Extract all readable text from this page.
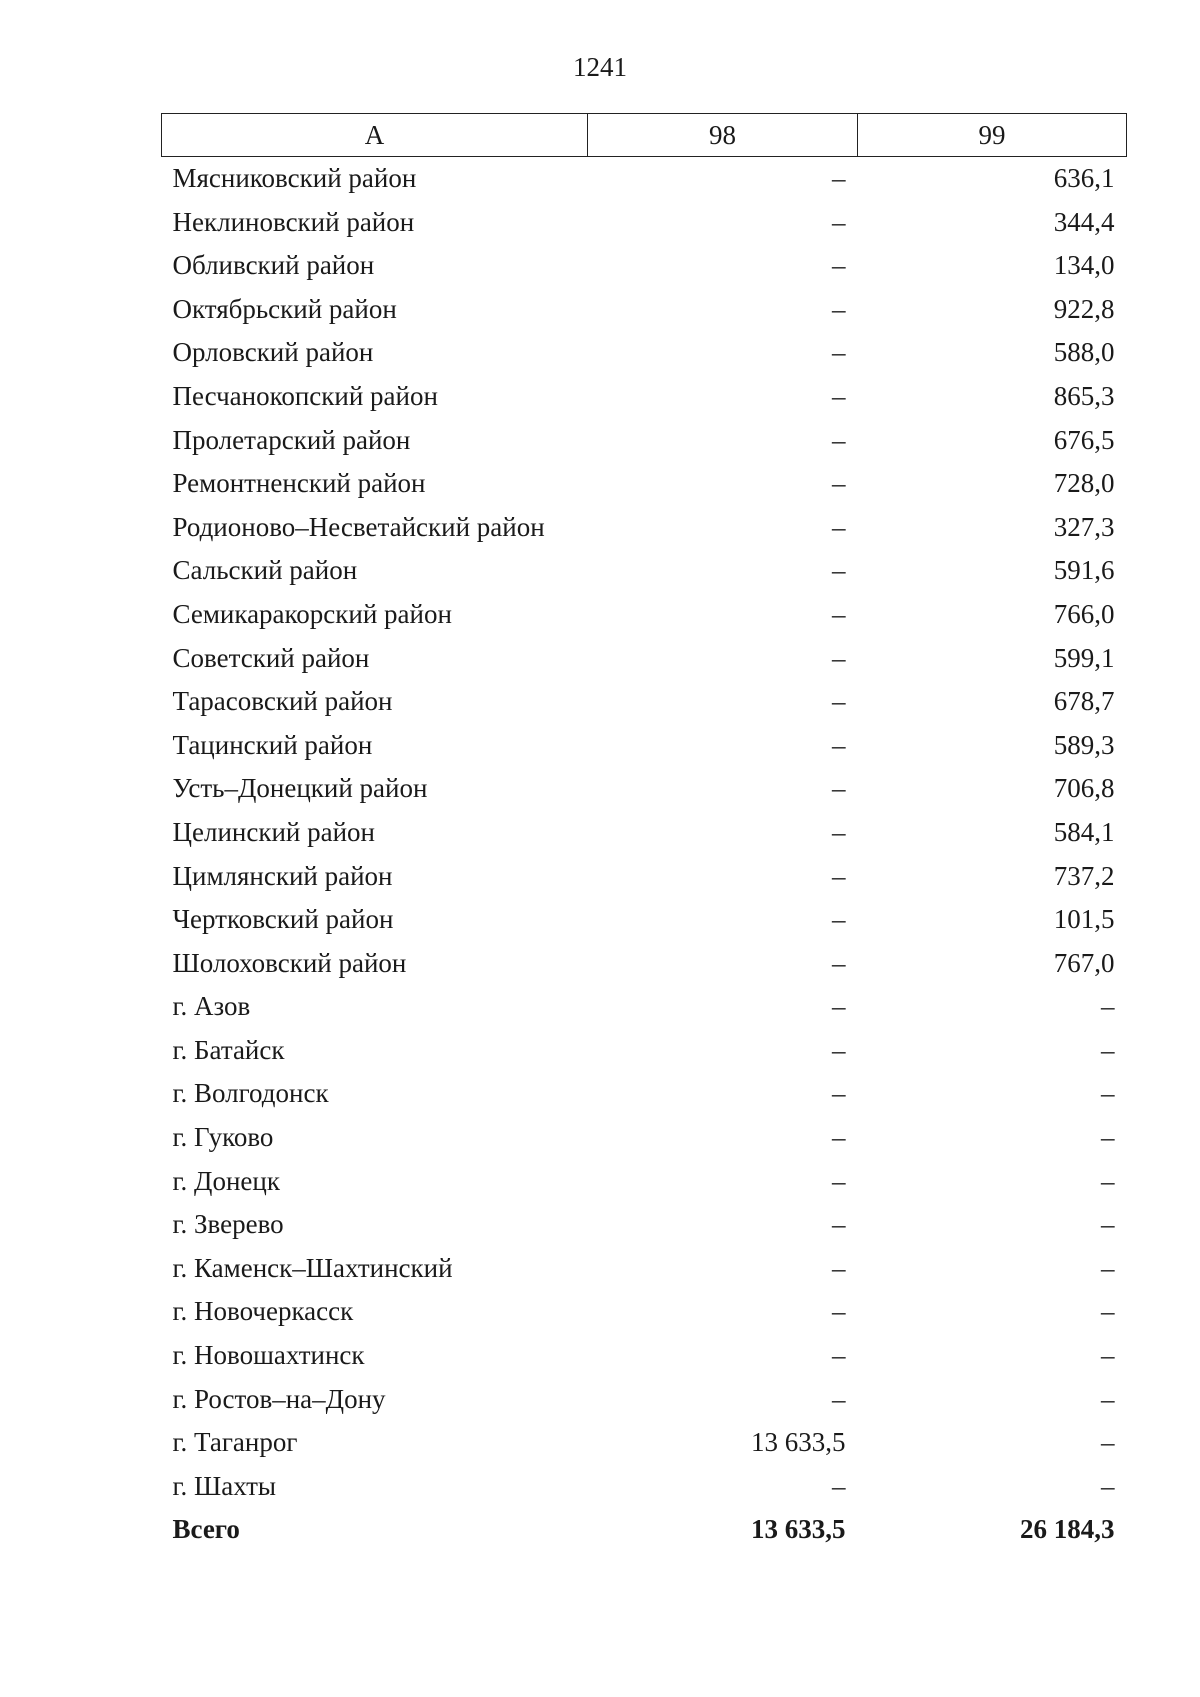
1241
А	98	99
Мясниковский район	–	636,1
Неклиновский район	–	344,4
Обливский район	–	134,0
Октябрьский район	–	922,8
Орловский район	–	588,0
Песчанокопский район	–	865,3
Пролетарский район	–	676,5
Ремонтненский район	–	728,0
Родионово–Несветайский район	–	327,3
Сальский район	–	591,6
Семикаракорский район	–	766,0
Советский район	–	599,1
Тарасовский район	–	678,7
Тацинский район	–	589,3
Усть–Донецкий район	–	706,8
Целинский район	–	584,1
Цимлянский район	–	737,2
Чертковский район	–	101,5
Шолоховский район	–	767,0
г. Азов	–	–
г. Батайск	–	–
г. Волгодонск	–	–
г. Гуково	–	–
г. Донецк	–	–
г. Зверево	–	–
г. Каменск–Шахтинский	–	–
г. Новочеркасск	–	–
г. Новошахтинск	–	–
г. Ростов–на–Дону	–	–
г. Таганрог	13 633,5	–
г. Шахты	–	–
Всего	13 633,5	26 184,3
